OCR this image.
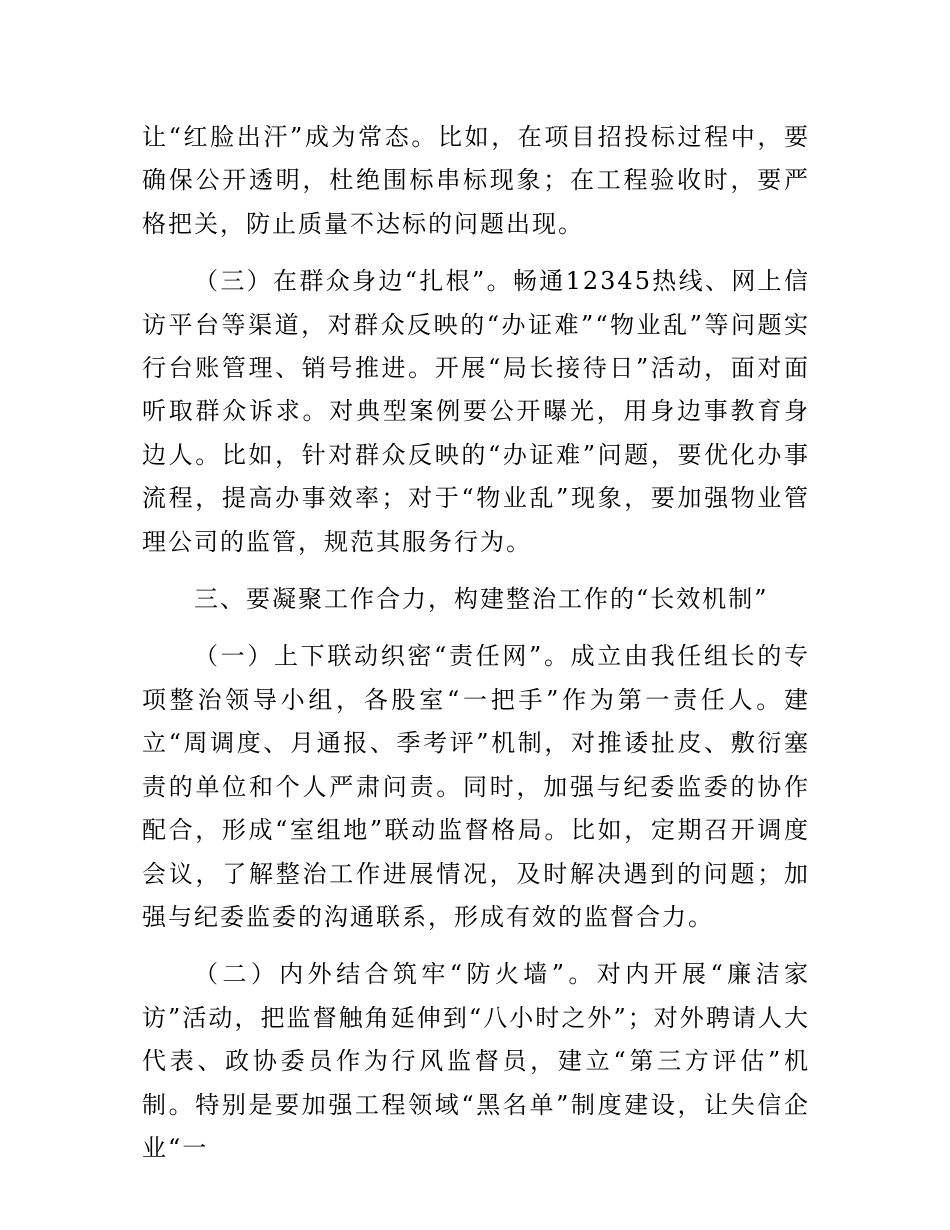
让“红脸出汗”成为常态。比如，在项目招投标过程中，要确保公开透明，杜绝围标串标现象；在工程验收时，要严格把关，防止质量不达标的问题出现。

（三）在群众身边“扎根”。畅通12345热线、网上信访平台等渠道，对群众反映的“办证难”“物业乱”等问题实行台账管理、销号推进。开展“局长接待日”活动，面对面听取群众诉求。对典型案例要公开曝光，用身边事教育身边人。比如，针对群众反映的“办证难”问题，要优化办事流程，提高办事效率；对于“物业乱”现象，要加强物业管理公司的监管，规范其服务行为。

三、要凝聚工作合力，构建整治工作的“长效机制”

（一）上下联动织密“责任网”。成立由我任组长的专项整治领导小组，各股室“一把手”作为第一责任人。建立“周调度、月通报、季考评”机制，对推诿扯皮、敷衍塞责的单位和个人严肃问责。同时，加强与纪委监委的协作配合，形成“室组地”联动监督格局。比如，定期召开调度会议，了解整治工作进展情况，及时解决遇到的问题；加强与纪委监委的沟通联系，形成有效的监督合力。

（二）内外结合筑牢“防火墙”。对内开展“廉洁家访”活动，把监督触角延伸到“八小时之外”；对外聘请人大代表、政协委员作为行风监督员，建立“第三方评估”机制。特别是要加强工程领域“黑名单”制度建设，让失信企业“一
